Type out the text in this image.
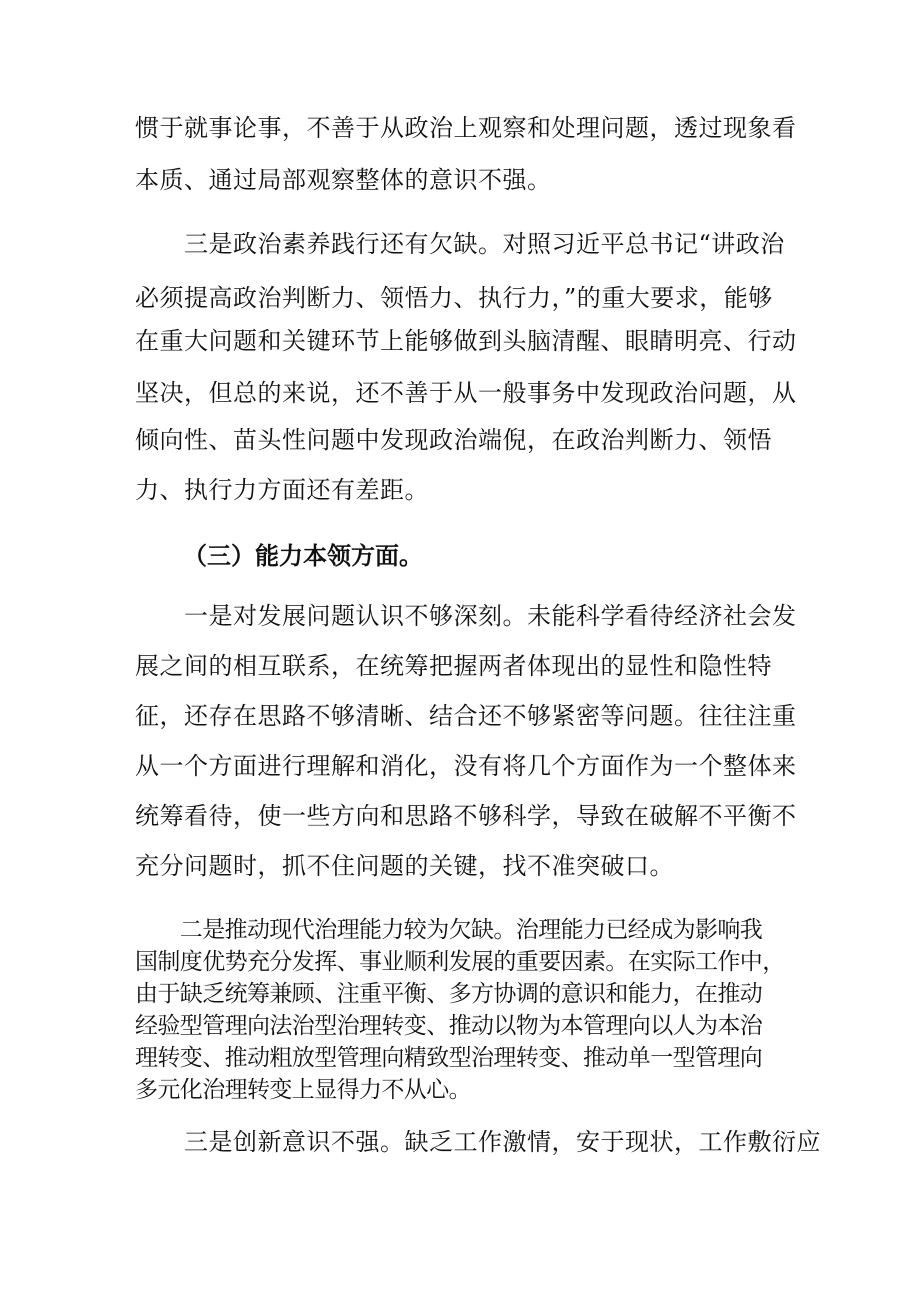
惯于就事论事，不善于从政治上观察和处理问题，透过现象看
本质、通过局部观察整体的意识不强。
　　三是政治素养践行还有欠缺。对照习近平总书记“讲政治
必须提高政治判断力、领悟力、执行力，”的重大要求，能够
在重大问题和关键环节上能够做到头脑清醒、眼睛明亮、行动
坚决，但总的来说，还不善于从一般事务中发现政治问题，从
倾向性、苗头性问题中发现政治端倪，在政治判断力、领悟
力、执行力方面还有差距。
（三）能力本领方面。
　　一是对发展问题认识不够深刻。未能科学看待经济社会发
展之间的相互联系，在统筹把握两者体现出的显性和隐性特
征，还存在思路不够清晰、结合还不够紧密等问题。往往注重
从一个方面进行理解和消化，没有将几个方面作为一个整体来
统筹看待，使一些方向和思路不够科学，导致在破解不平衡不
充分问题时，抓不住问题的关键，找不准突破口。
　　二是推动现代治理能力较为欠缺。治理能力已经成为影响我
国制度优势充分发挥、事业顺利发展的重要因素。在实际工作中，
由于缺乏统筹兼顾、注重平衡、多方协调的意识和能力，在推动
经验型管理向法治型治理转变、推动以物为本管理向以人为本治
理转变、推动粗放型管理向精致型治理转变、推动单一型管理向
多元化治理转变上显得力不从心。
　　三是创新意识不强。缺乏工作激情，安于现状，工作敷衍应
